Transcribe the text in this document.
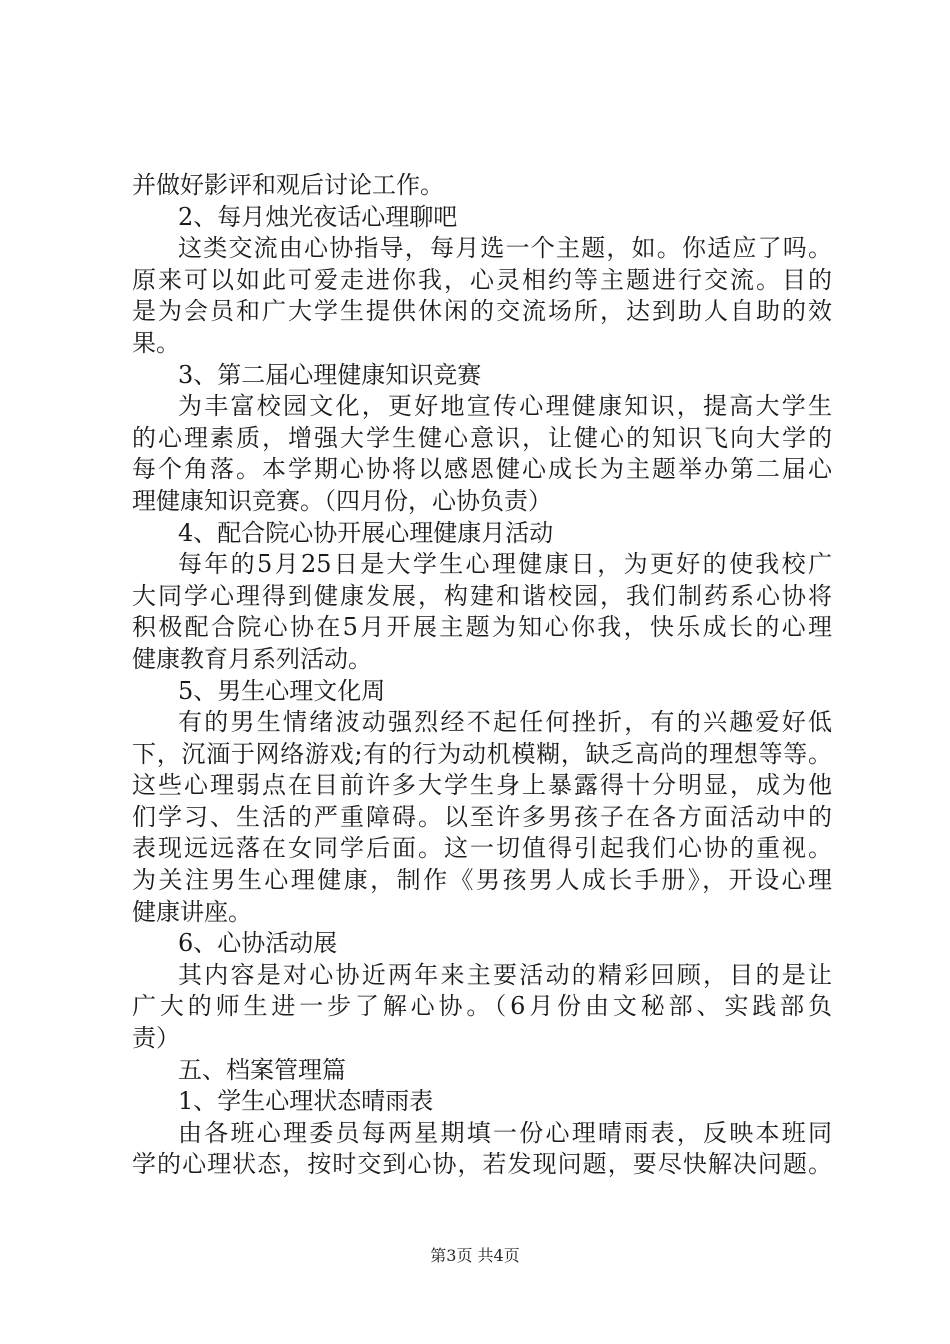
并做好影评和观后讨论工作。
2、每月烛光夜话心理聊吧
这类交流由心协指导，每月选一个主题，如。你适应了吗。
原来可以如此可爱走进你我，心灵相约等主题进行交流。目的
是为会员和广大学生提供休闲的交流场所，达到助人自助的效
果。
3、第二届心理健康知识竞赛
为丰富校园文化，更好地宣传心理健康知识，提高大学生
的心理素质，增强大学生健心意识，让健心的知识飞向大学的
每个角落。本学期心协将以感恩健心成长为主题举办第二届心
理健康知识竞赛。（四月份，心协负责）
4、配合院心协开展心理健康月活动
每年的5月25日是大学生心理健康日，为更好的使我校广
大同学心理得到健康发展，构建和谐校园，我们制药系心协将
积极配合院心协在5月开展主题为知心你我，快乐成长的心理
健康教育月系列活动。
5、男生心理文化周
有的男生情绪波动强烈经不起任何挫折，有的兴趣爱好低
下，沉湎于网络游戏;有的行为动机模糊，缺乏高尚的理想等等。
这些心理弱点在目前许多大学生身上暴露得十分明显，成为他
们学习、生活的严重障碍。以至许多男孩子在各方面活动中的
表现远远落在女同学后面。这一切值得引起我们心协的重视。
为关注男生心理健康，制作《男孩男人成长手册》，开设心理
健康讲座。
6、心协活动展
其内容是对心协近两年来主要活动的精彩回顾，目的是让
广大的师生进一步了解心协。（6月份由文秘部、实践部负
责）
五、档案管理篇
1、学生心理状态晴雨表
由各班心理委员每两星期填一份心理晴雨表，反映本班同
学的心理状态，按时交到心协，若发现问题，要尽快解决问题。
第3页 共4页
